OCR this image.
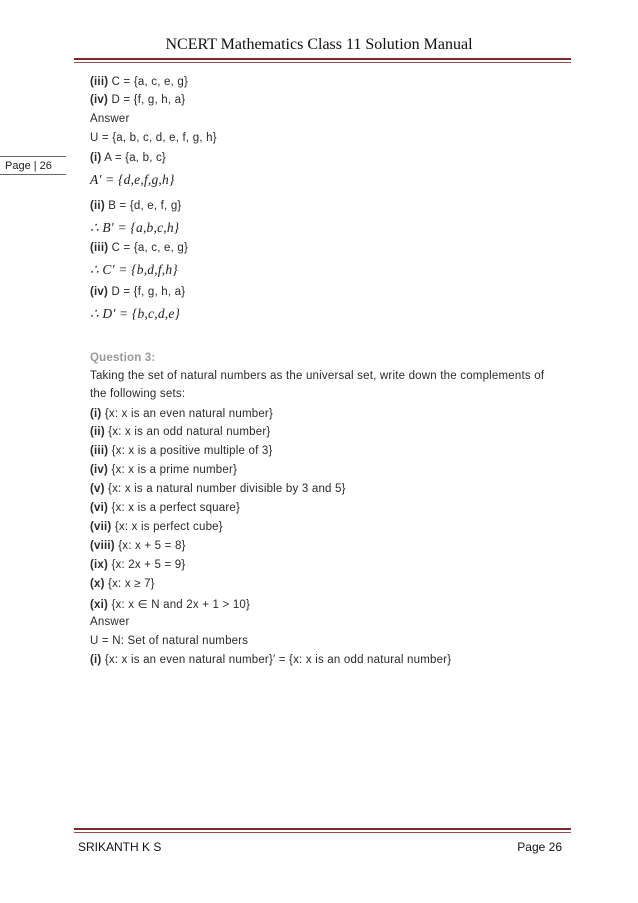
NCERT Mathematics Class 11 Solution Manual
Page | 26
(iii) C = {a, c, e, g}
(iv) D = {f, g, h, a}
Answer
U = {a, b, c, d, e, f, g, h}
(i) A = {a, b, c}
A′ = {d,e,f,g,h}
(ii) B = {d, e, f, g}
∴ B′ = {a,b,c,h}
(iii) C = {a, c, e, g}
∴ C′ = {b,d,f,h}
(iv) D = {f, g, h, a}
∴ D′ = {b,c,d,e}
Question 3:
Taking the set of natural numbers as the universal set, write down the complements of
the following sets:
(i) {x: x is an even natural number}
(ii) {x: x is an odd natural number}
(iii) {x: x is a positive multiple of 3}
(iv) {x: x is a prime number}
(v) {x: x is a natural number divisible by 3 and 5}
(vi) {x: x is a perfect square}
(vii) {x: x is perfect cube}
(viii) {x: x + 5 = 8}
(ix) {x: 2x + 5 = 9}
(x) {x: x ≥ 7}
(xi) {x: x ∈ N and 2x + 1 > 10}
Answer
U = N: Set of natural numbers
(i) {x: x is an even natural number}′ = {x: x is an odd natural number}
SRIKANTH K S	Page 26
